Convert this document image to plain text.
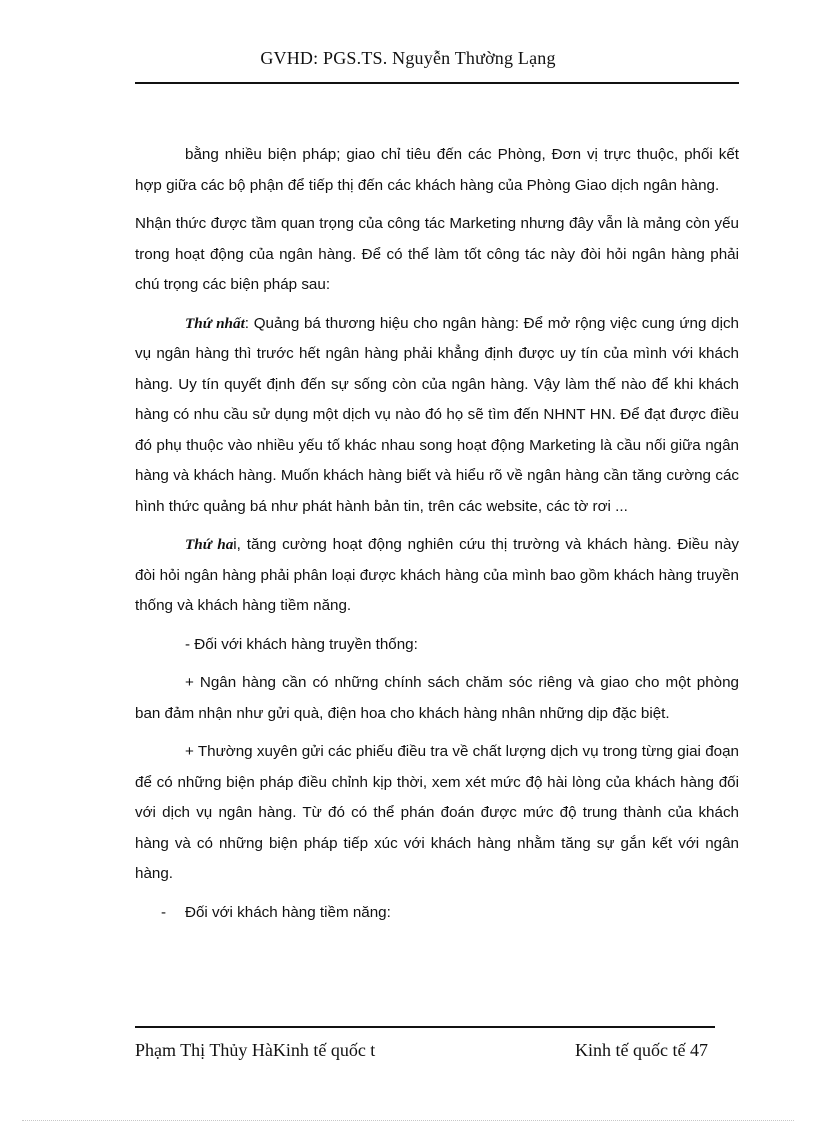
GVHD: PGS.TS. Nguyễn Thường Lạng

bằng nhiều biện pháp; giao chỉ tiêu đến các Phòng, Đơn vị trực thuộc, phối kết hợp giữa các bộ phận để tiếp thị đến các khách hàng của Phòng Giao dịch ngân hàng.

Nhận thức được tầm quan trọng của công tác Marketing nhưng đây vẫn là mảng còn yếu trong hoạt động của ngân hàng. Để có thể làm tốt công tác này đòi hỏi ngân hàng phải chú trọng các biện pháp sau:

Thứ nhất: Quảng bá thương hiệu cho ngân hàng: Để mở rộng việc cung ứng dịch vụ ngân hàng thì trước hết ngân hàng phải khẳng định được uy tín của mình với khách hàng. Uy tín quyết định đến sự sống còn của ngân hàng. Vậy làm thế nào để khi khách hàng có nhu cầu sử dụng một dịch vụ nào đó họ sẽ tìm đến NHNT HN. Để đạt được điều đó phụ thuộc vào nhiều yếu tố khác nhau song hoạt động Marketing là cầu nối giữa ngân hàng và khách hàng. Muốn khách hàng biết và hiểu rõ về ngân hàng cần tăng cường các hình thức quảng bá như phát hành bản tin, trên các website, các tờ rơi ...

Thứ hai, tăng cường hoạt động nghiên cứu thị trường và khách hàng. Điều này đòi hỏi ngân hàng phải phân loại được khách hàng của mình bao gồm khách hàng truyền thống và khách hàng tiềm năng.

- Đối với khách hàng truyền thống:

+ Ngân hàng cần có những chính sách chăm sóc riêng và giao cho một phòng ban đảm nhận như gửi quà, điện hoa cho khách hàng nhân những dịp đặc biệt.

+ Thường xuyên gửi các phiếu điều tra về chất lượng dịch vụ trong từng giai đoạn để có những biện pháp điều chỉnh kịp thời, xem xét mức độ hài lòng của khách hàng đối với dịch vụ ngân hàng. Từ đó có thể phán đoán được mức độ trung thành của khách hàng và có những biện pháp tiếp xúc với khách hàng nhằm tăng sự gắn kết với ngân hàng.

-	Đối với khách hàng tiềm năng:

Phạm Thị Thủy HàKinh tế quốc t	Kinh tế quốc tế 47
